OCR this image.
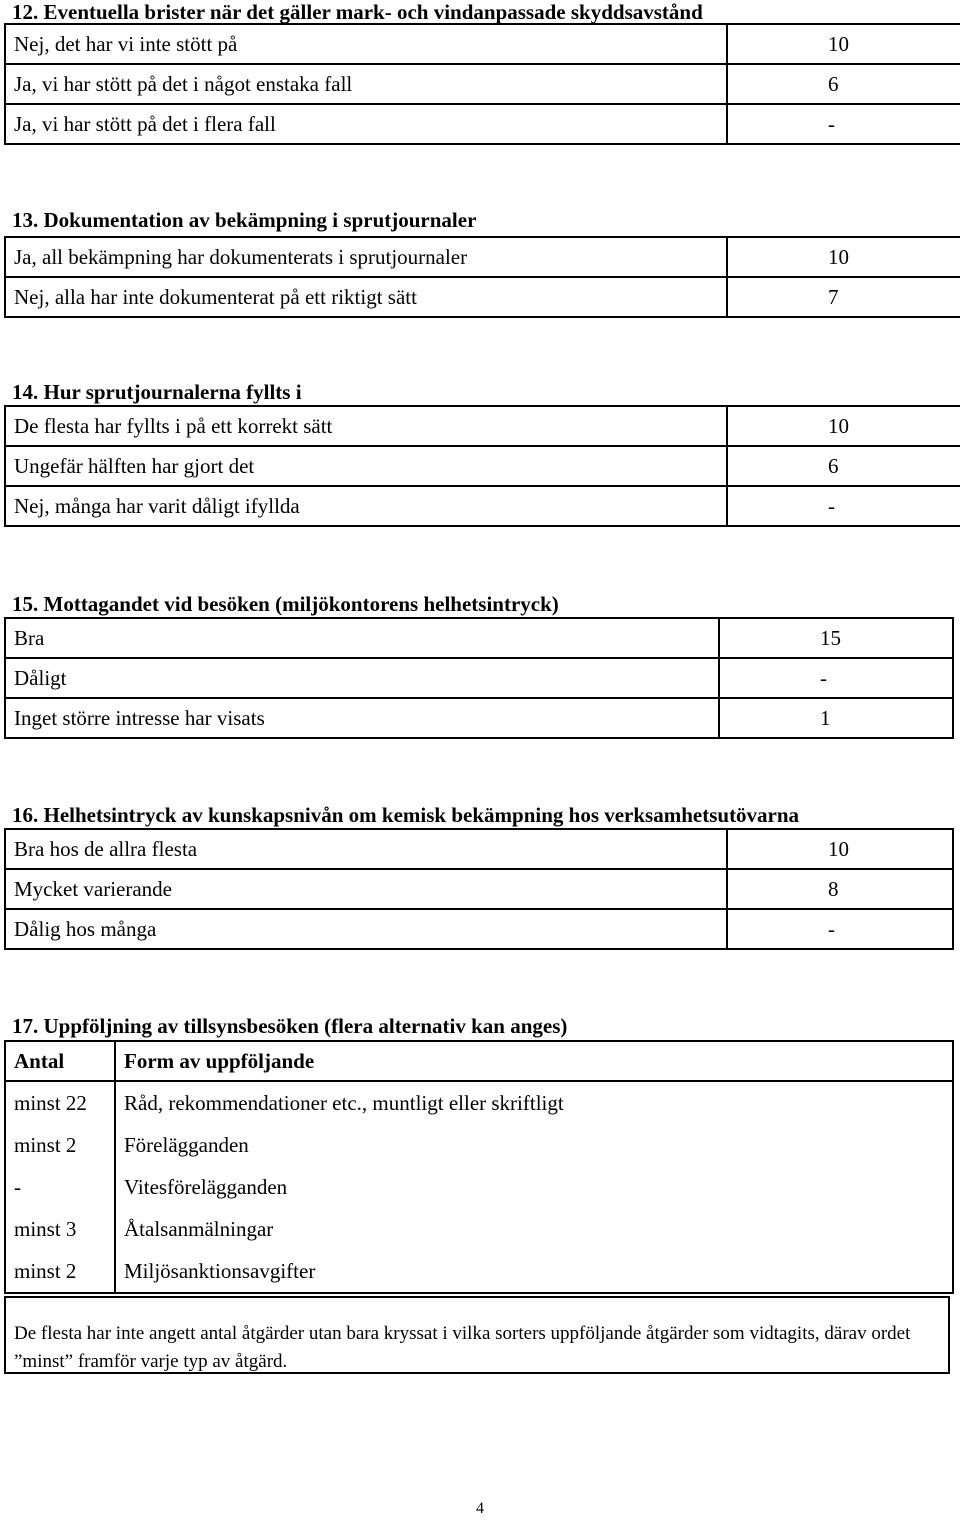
12. Eventuella brister när det gäller mark- och vindanpassade skyddsavstånd
Nej, det har vi inte stött på	10
Ja, vi har stött på det i något enstaka fall	6
Ja, vi har stött på det i flera fall	-
13. Dokumentation av bekämpning i sprutjournaler
Ja, all bekämpning har dokumenterats i sprutjournaler	10
Nej, alla har inte dokumenterat på ett riktigt sätt	7
14. Hur sprutjournalerna fyllts i
De flesta har fyllts i på ett korrekt sätt	10
Ungefär hälften har gjort det	6
Nej, många har varit dåligt ifyllda	-
15. Mottagandet vid besöken (miljökontorens helhetsintryck)
Bra	15
Dåligt	-
Inget större intresse har visats	1
16. Helhetsintryck av kunskapsnivån om kemisk bekämpning hos verksamhetsutövarna
Bra hos de allra flesta	10
Mycket varierande	8
Dålig hos många	-
17. Uppföljning av tillsynsbesöken (flera alternativ kan anges)
Antal	Form av uppföljande
minst 22	Råd, rekommendationer etc., muntligt eller skriftligt
minst 2	Förelägganden
-	Vitesförelägganden
minst 3	Åtalsanmälningar
minst 2	Miljösanktionsavgifter
De flesta har inte angett antal åtgärder utan bara kryssat i vilka sorters uppföljande åtgärder som vidtagits, därav ordet ”minst” framför varje typ av åtgärd.
4
